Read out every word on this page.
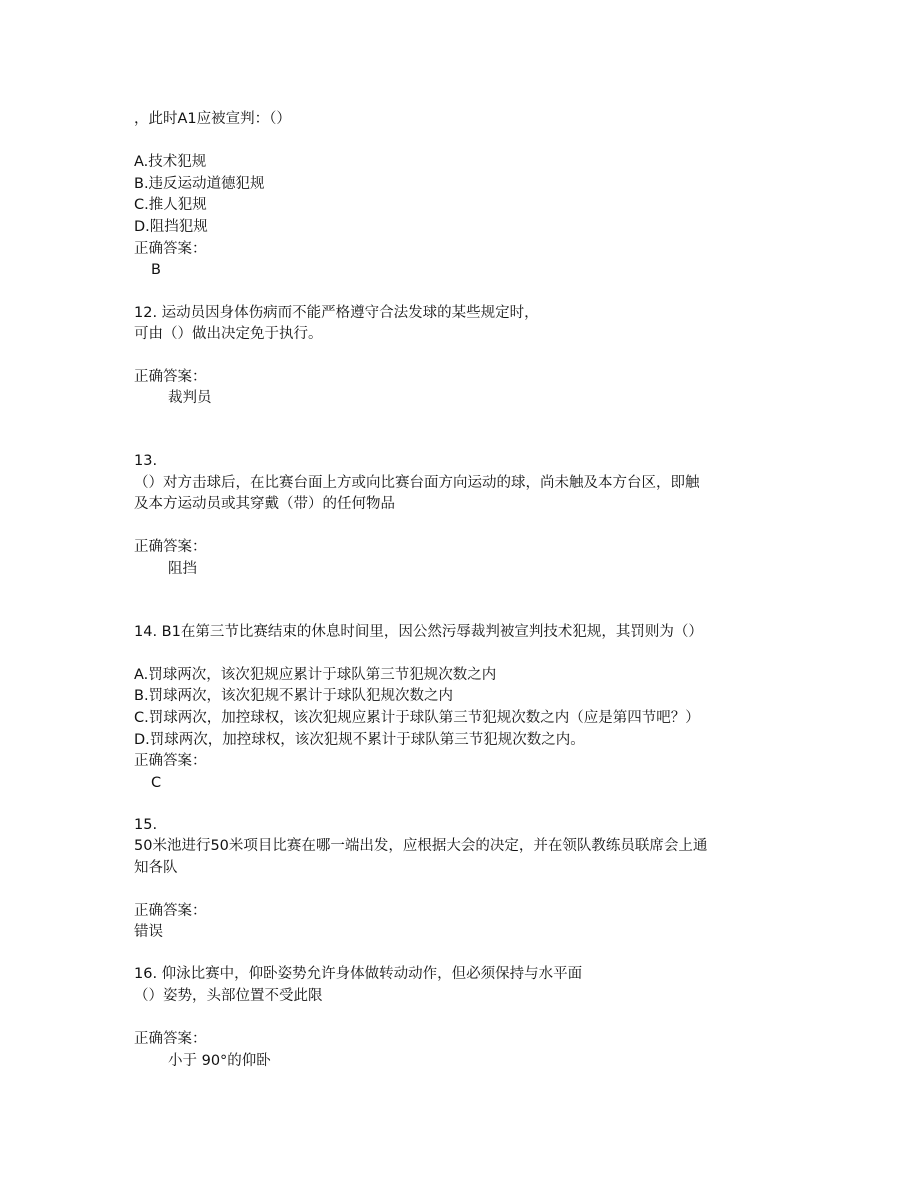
，此时A1应被宣判：（）
A.技术犯规
B.违反运动道德犯规
C.推人犯规
D.阻挡犯规
正确答案：
B
12. 运动员因身体伤病而不能严格遵守合法发球的某些规定时，
可由（）做出决定免于执行。
正确答案：
裁判员
13.
（）对方击球后，在比赛台面上方或向比赛台面方向运动的球，尚未触及本方台区，即触
及本方运动员或其穿戴（带）的任何物品
正确答案：
阻挡
14. B1在第三节比赛结束的休息时间里，因公然污辱裁判被宣判技术犯规，其罚则为（）
A.罚球两次，该次犯规应累计于球队第三节犯规次数之内
B.罚球两次，该次犯规不累计于球队犯规次数之内
C.罚球两次，加控球权，该次犯规应累计于球队第三节犯规次数之内（应是第四节吧？）
D.罚球两次，加控球权，该次犯规不累计于球队第三节犯规次数之内。
正确答案：
C
15.
50米池进行50米项目比赛在哪一端出发，应根据大会的决定，并在领队教练员联席会上通
知各队
正确答案：
错误
16. 仰泳比赛中，仰卧姿势允许身体做转动动作，但必须保持与水平面
（）姿势，头部位置不受此限
正确答案：
小于 90°的仰卧
